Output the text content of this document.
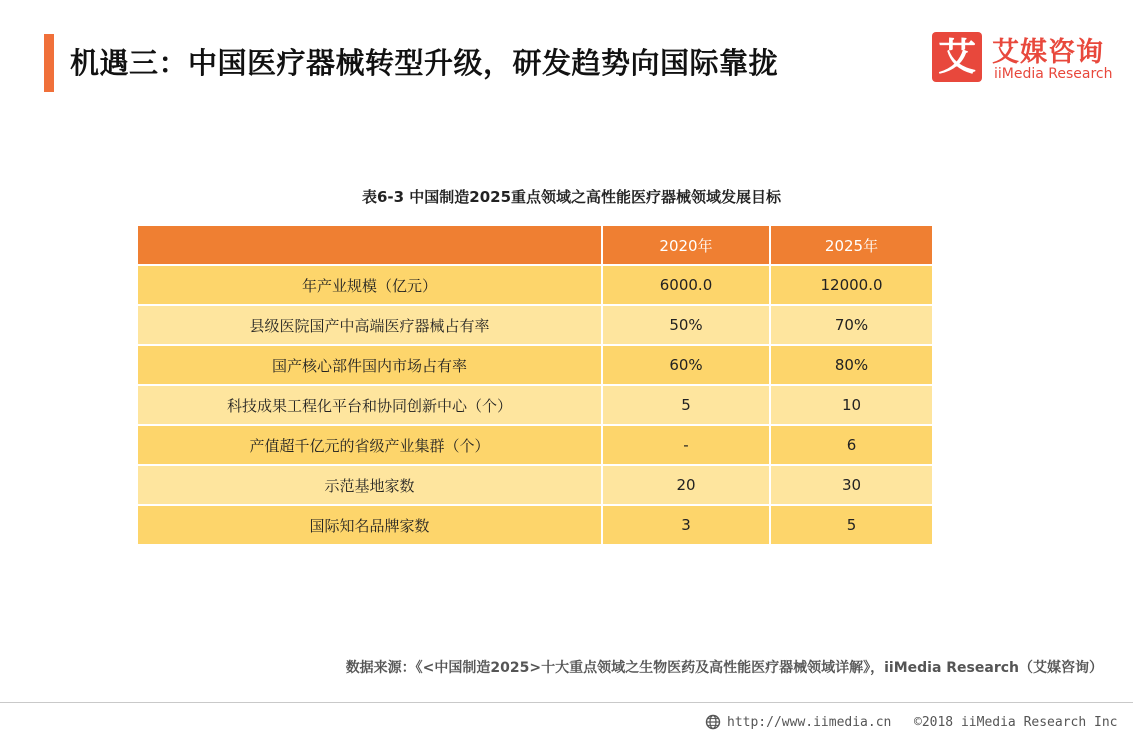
机遇三：中国医疗器械转型升级，研发趋势向国际靠拢	艾 艾媒咨询
iiMedia Research
表6-3 中国制造2025重点领域之高性能医疗器械领域发展目标
	2020年	2025年
年产业规模（亿元）	6000.0	12000.0
县级医院国产中高端医疗器械占有率	50%	70%
国产核心部件国内市场占有率	60%	80%
科技成果工程化平台和协同创新中心（个）	5	10
产值超千亿元的省级产业集群（个）	-	6
示范基地家数	20	30
国际知名品牌家数	3	5
数据来源：《<中国制造2025>十大重点领域之生物医药及高性能医疗器械领域详解》，iiMedia Research（艾媒咨询）
http://www.iimedia.cn ©2018 iiMedia Research Inc
